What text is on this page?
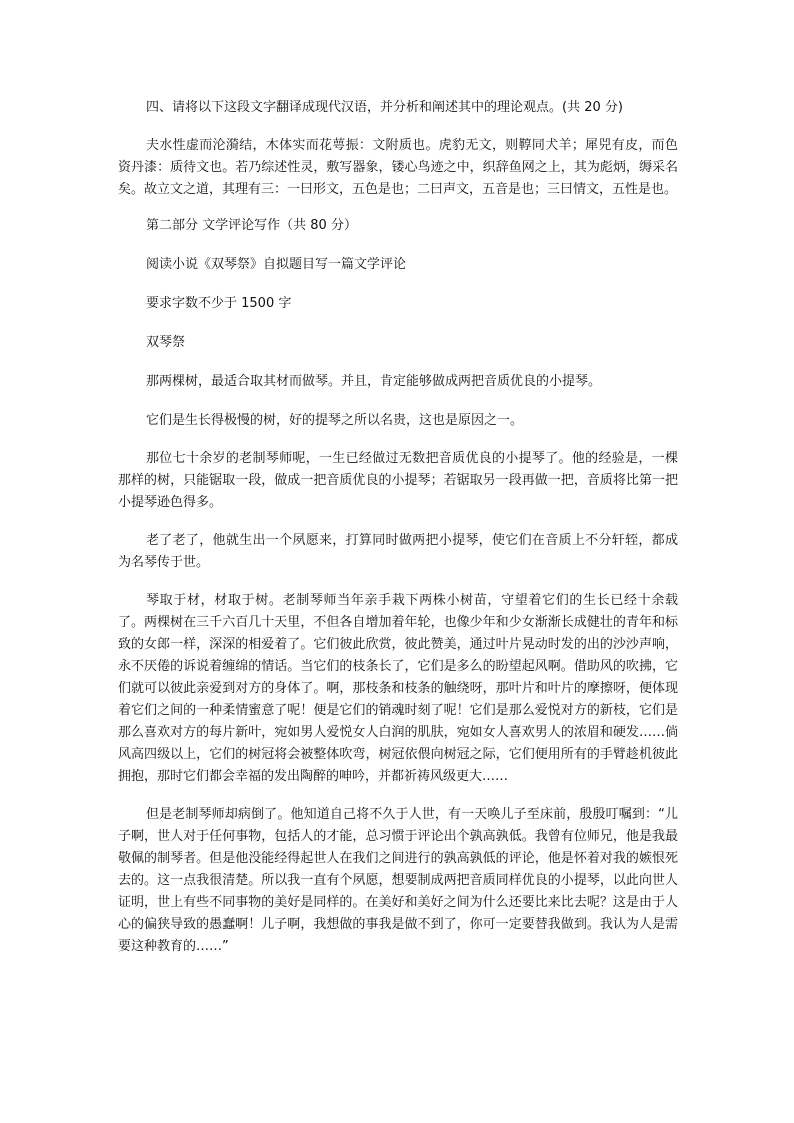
四、请将以下这段文字翻译成现代汉语，并分析和阐述其中的理论观点。(共 20 分)

夫水性虚而沦漪结，木体实而花萼振：文附质也。虎豹无文，则鞟同犬羊；犀兕有皮，而色资丹漆：质待文也。若乃综述性灵，敷写器象，镂心鸟迹之中，织辞鱼网之上，其为彪炳，缛采名矣。故立文之道，其理有三：一曰形文，五色是也；二曰声文，五音是也；三曰情文，五性是也。

第二部分 文学评论写作（共 80 分）

阅读小说《双琴祭》自拟题目写一篇文学评论

要求字数不少于 1500 字

双琴祭

那两棵树，最适合取其材而做琴。并且，肯定能够做成两把音质优良的小提琴。

它们是生长得极慢的树，好的提琴之所以名贵，这也是原因之一。

那位七十余岁的老制琴师呢，一生已经做过无数把音质优良的小提琴了。他的经验是，一棵那样的树，只能锯取一段，做成一把音质优良的小提琴；若锯取另一段再做一把，音质将比第一把小提琴逊色得多。

老了老了，他就生出一个夙愿来，打算同时做两把小提琴，使它们在音质上不分轩轾，都成为名琴传于世。

琴取于材，材取于树。老制琴师当年亲手栽下两株小树苗，守望着它们的生长已经十余载了。两棵树在三千六百几十天里，不但各自增加着年轮，也像少年和少女渐渐长成健壮的青年和标致的女郎一样，深深的相爱着了。它们彼此欣赏，彼此赞美，通过叶片晃动时发的出的沙沙声响，永不厌倦的诉说着缠绵的情话。当它们的枝条长了，它们是多么的盼望起风啊。借助风的吹拂，它们就可以彼此亲爱到对方的身体了。啊，那枝条和枝条的触绕呀，那叶片和叶片的摩擦呀，便体现着它们之间的一种柔情蜜意了呢！便是它们的销魂时刻了呢！它们是那么爱悦对方的新枝，它们是那么喜欢对方的每片新叶，宛如男人爱悦女人白润的肌肤，宛如女人喜欢男人的浓眉和硬发……倘风高四级以上，它们的树冠将会被整体吹弯，树冠依偎向树冠之际，它们便用所有的手臂趁机彼此拥抱，那时它们都会幸福的发出陶醉的呻吟，并都祈祷风级更大……

但是老制琴师却病倒了。他知道自己将不久于人世，有一天唤儿子至床前，殷殷叮嘱到：“儿子啊，世人对于任何事物，包括人的才能，总习惯于评论出个孰高孰低。我曾有位师兄，他是我最敬佩的制琴者。但是他没能经得起世人在我们之间进行的孰高孰低的评论，他是怀着对我的嫉恨死去的。这一点我很清楚。所以我一直有个夙愿，想要制成两把音质同样优良的小提琴，以此向世人证明，世上有些不同事物的美好是同样的。在美好和美好之间为什么还要比来比去呢？这是由于人心的偏狭导致的愚蠢啊！儿子啊，我想做的事我是做不到了，你可一定要替我做到。我认为人是需要这种教育的……”
